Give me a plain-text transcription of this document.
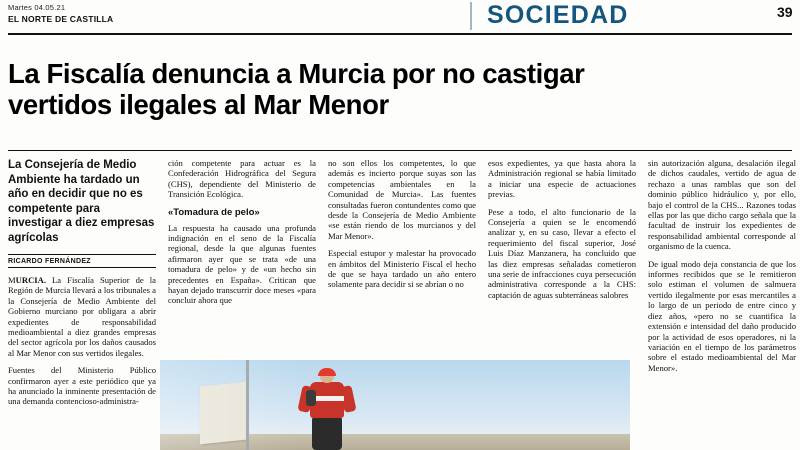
Martes 04.05.21
EL NORTE DE CASTILLA	SOCIEDAD	39
La Fiscalía denuncia a Murcia por no castigar vertidos ilegales al Mar Menor
La Consejería de Medio Ambiente ha tardado un año en decidir que no es competente para investigar a diez empresas agrícolas
RICARDO FERNÁNDEZ

MURCIA. La Fiscalía Superior de la Región de Murcia llevará a los tribunales a la Consejería de Medio Ambiente del Gobierno murciano por obligara a abrir expedientes de responsabilidad medioambiental a diez grandes empresas del sector agrícola por los daños causados al Mar Menor con sus vertidos ilegales.

Fuentes del Ministerio Público confirmaron ayer a este periódico que ya ha anunciado la inminente presentación de una demanda contencioso-administra-

ción competente para actuar es la Confederación Hidrográfica del Segura (CHS), dependiente del Ministerio de Transición Ecológica.

«Tomadura de pelo»

La respuesta ha causado una profunda indignación en el seno de la Fiscalía regional, desde la que algunas fuentes afirmaron ayer que se trata «de una tomadura de pelo» y de «un hecho sin precedentes en España». Critican que hayan dejado transcurrir doce meses «para concluir ahora que

no son ellos los competentes, lo que además es incierto porque suyas son las competencias ambientales en la Comunidad de Murcia». Las fuentes consultadas fueron contundentes como que desde la Consejería de Medio Ambiente «se están riendo de los murcianos y del Mar Menor».

Especial estupor y malestar ha provocado en ámbitos del Ministerio Fiscal el hecho de que se haya tardado un año entero solamente para decidir si se abrían o no

esos expedientes, ya que hasta ahora la Administración regional se había limitado a iniciar una especie de actuaciones previas.

Pese a todo, el alto funcionario de la Consejería a quien se le encomendó analizar y, en su caso, llevar a efecto el requerimiento del fiscal superior, José Luis Díaz Manzanera, ha concluido que las diez empresas señaladas cometieron una serie de infracciones cuya persecución administrativa corresponde a la CHS: captación de aguas subterráneas salobres

sin autorización alguna, desalación ilegal de dichos caudales, vertido de agua de rechazo a unas ramblas que son del dominio público hidráulico y, por ello, bajo el control de la CHS... Razones todas ellas por las que dicho cargo señala que la facultad de instruir los expedientes de responsabilidad ambiental corresponde al organismo de la cuenca.

De igual modo deja constancia de que los informes recibidos que se le remitieron solo estiman el volumen de salmuera vertido ilegalmente por esas mercantiles a lo largo de un periodo de entre cinco y diez años, «pero no se cuantifica la extensión e intensidad del daño producido por la actividad de esos operadores, ni la variación en el tiempo de los parámetros sobre el estado medioambiental del Mar Menor».
